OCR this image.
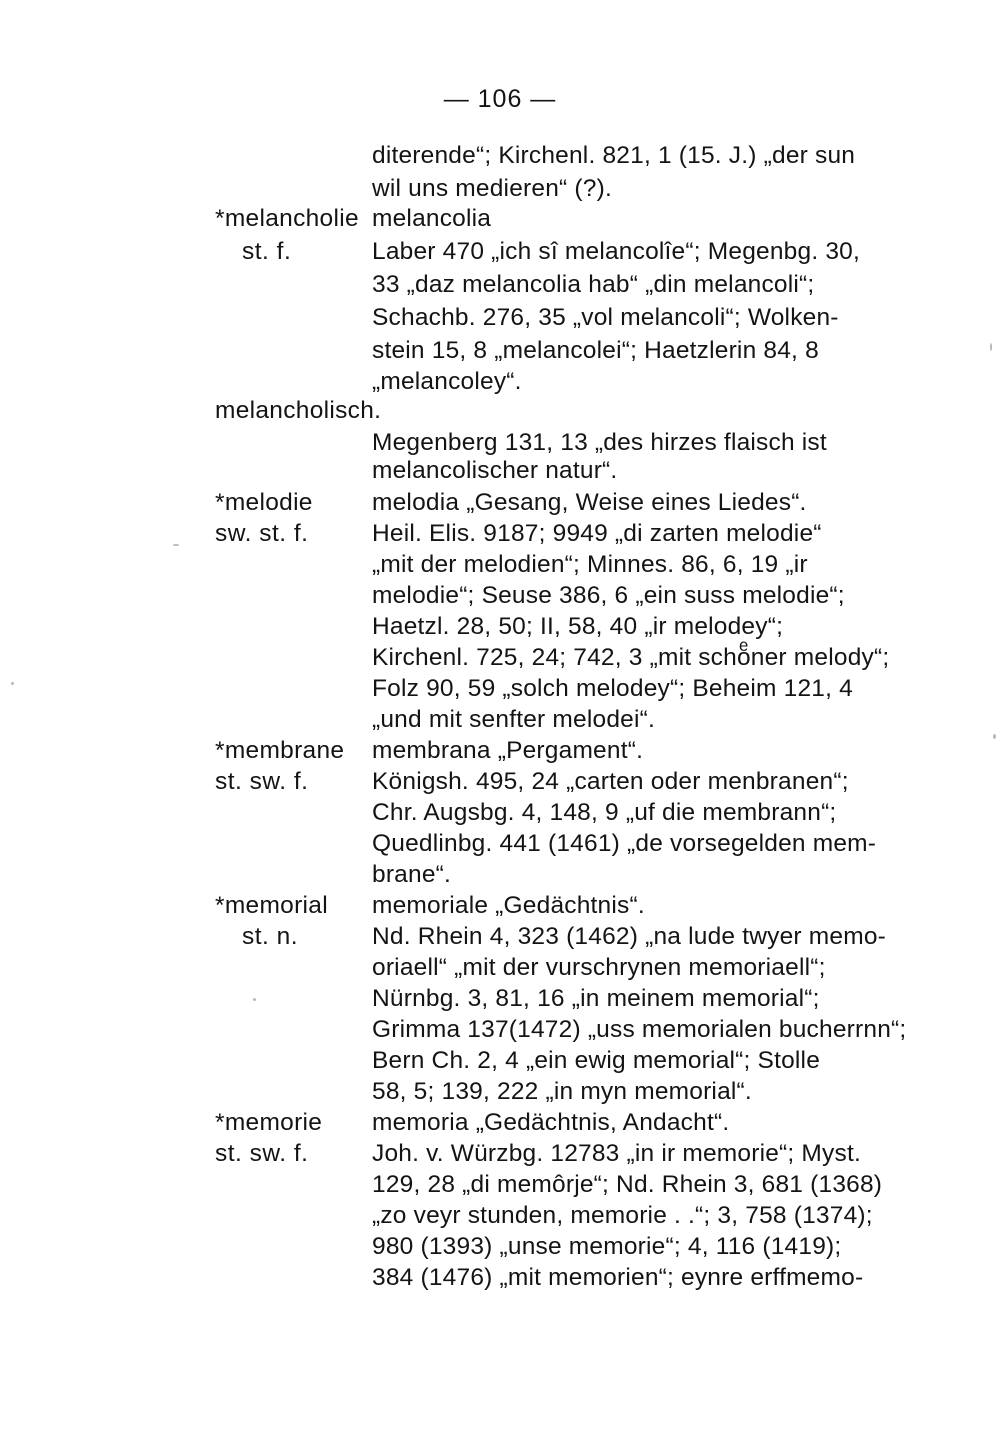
— 106 —
diterende“; Kirchenl. 821, 1 (15. J.) „der sun
wil uns medieren“ (?).
*melancholie melancolia
st. f.	Laber 470 „ich sî melancolîe“; Megenbg. 30,
33 „daz melancolia hab“ „din melancoli“;
Schachb. 276, 35 „vol melancoli“; Wolken-
stein 15, 8 „melancolei“; Haetzlerin 84, 8
„melancoley“.
melancholisch.
Megenberg 131, 13 „des hirzes flaisch ist
melancolischer natur“.
*melodie melodia „Gesang, Weise eines Liedes“.
sw. st. f.	Heil. Elis. 9187; 9949 „di zarten melodie“
„mit der melodien“; Minnes. 86, 6, 19 „ir
melodie“; Seuse 386, 6 „ein suss melodie“;
Haetzl. 28, 50; II, 58, 40 „ir melodey“;
Kirchenl. 725, 24; 742, 3 „mit schoͤner melody“;
Folz 90, 59 „solch melodey“; Beheim 121, 4
„und mit senfter melodei“.
*membrane membrana „Pergament“.
st. sw. f.	Königsh. 495, 24 „carten oder menbranen“;
Chr. Augsbg. 4, 148, 9 „uf die membrann“;
Quedlinbg. 441 (1461) „de vorsegelden mem-
brane“.
*memorial memoriale „Gedächtnis“.
st. n.	Nd. Rhein 4, 323 (1462) „na lude twyer memo-
oriaell“ „mit der vurschrynen memoriaell“;
Nürnbg. 3, 81, 16 „in meinem memorial“;
Grimma 137(1472) „uss memorialen bucherrnn“;
Bern Ch. 2, 4 „ein ewig memorial“; Stolle
58, 5; 139, 222 „in myn memorial“.
*memorie memoria „Gedächtnis, Andacht“.
st. sw. f.	Joh. v. Würzbg. 12783 „in ir memorie“; Myst.
129, 28 „di memôrje“; Nd. Rhein 3, 681 (1368)
„zo veyr stunden, memorie . .“; 3, 758 (1374);
980 (1393) „unse memorie“; 4, 116 (1419);
384 (1476) „mit memorien“; eynre erffmemo-
